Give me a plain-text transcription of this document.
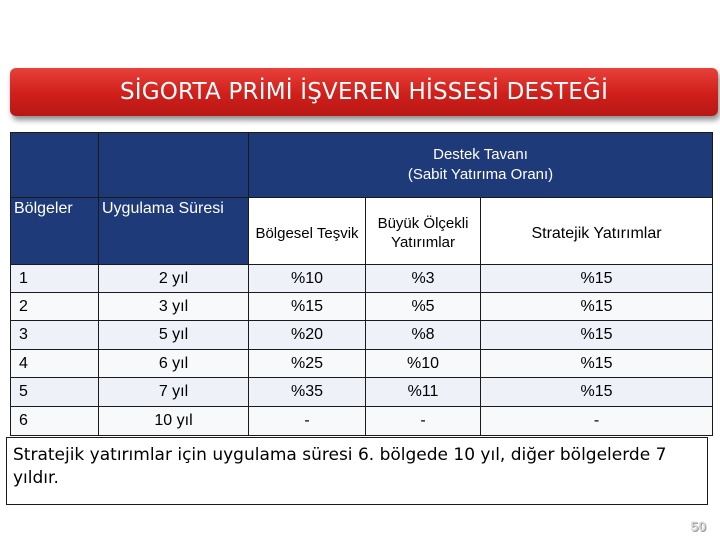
SİGORTA PRİMİ İŞVEREN HİSSESİ DESTEĞİ

		Destek Tavanı
(Sabit Yatırıma Oranı)		

Bölgeler	Uygulama Süresi	Bölgesel Teşvik	Büyük Ölçekli Yatırımlar	Stratejik Yatırımlar
1	2 yıl	%10	%3	%15
2	3 yıl	%15	%5	%15
3	5 yıl	%20	%8	%15
4	6 yıl	%25	%10	%15
5	7 yıl	%35	%11	%15
6	10 yıl	-	-	-
Stratejik yatırımlar için uygulama süresi 6. bölgede 10 yıl, diğer bölgelerde 7 yıldır.
50
